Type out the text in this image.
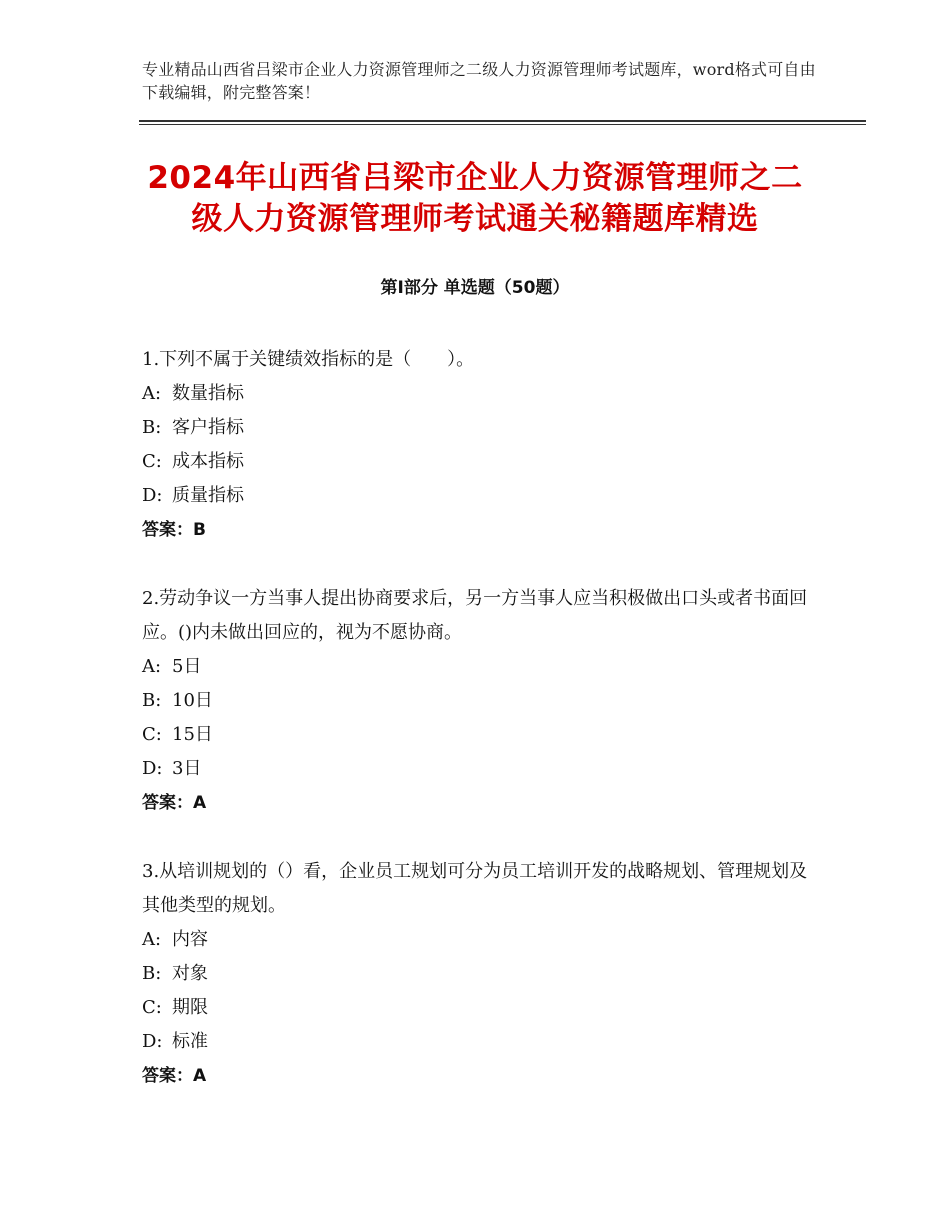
专业精品山西省吕梁市企业人力资源管理师之二级人力资源管理师考试题库，word格式可自由下载编辑，附完整答案！
2024年山西省吕梁市企业人力资源管理师之二级人力资源管理师考试通关秘籍题库精选
第Ⅰ部分 单选题（50题）
1.下列不属于关键绩效指标的是（　　）。
A: 数量指标
B: 客户指标
C: 成本指标
D: 质量指标
答案：B
2.劳动争议一方当事人提出协商要求后，另一方当事人应当积极做出口头或者书面回应。()内未做出回应的，视为不愿协商。
A: 5日
B: 10日
C: 15日
D: 3日
答案：A
3.从培训规划的（）看，企业员工规划可分为员工培训开发的战略规划、管理规划及其他类型的规划。
A: 内容
B: 对象
C: 期限
D: 标准
答案：A
